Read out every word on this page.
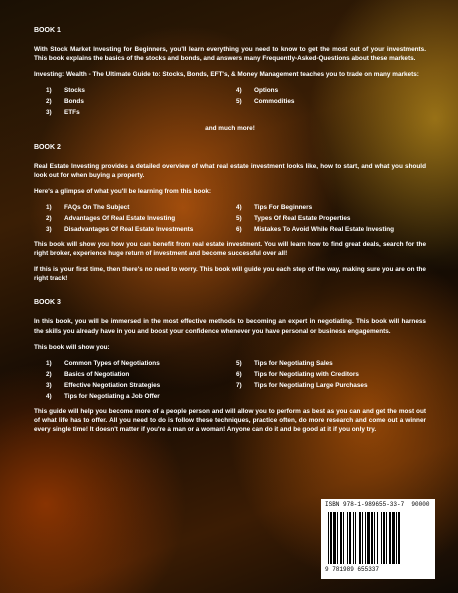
BOOK 1

With Stock Market Investing for Beginners, you'll learn everything you need to know to get the most out of your investments. This book explains the basics of the stocks and bonds, and answers many Frequently-Asked-Questions about these markets.

Investing: Wealth - The Ultimate Guide to: Stocks, Bonds, EFT's, & Money Management teaches you to trade on many markets:

1)	Stocks
2)	Bonds
3)	ETFs
4)	Options
5)	Commodities
and much more!
BOOK 2

Real Estate Investing provides a detailed overview of what real estate investment looks like, how to start, and what you should look out for when buying a property.

Here's a glimpse of what you'll be learning from this book:

1)	FAQs On The Subject
2)	Advantages Of Real Estate Investing
3)	Disadvantages Of Real Estate Investments
4)	Tips For Beginners
5)	Types Of Real Estate Properties
6)	Mistakes To Avoid While Real Estate Investing

This book will show you how you can benefit from real estate investment. You will learn how to find great deals, search for the right broker, experience huge return of investment and become successful over all!

If this is your first time, then there's no need to worry. This book will guide you each step of the way, making sure you are on the right track!

BOOK 3

In this book, you will be immersed in the most effective methods to becoming an expert in negotiating. This book will harness the skills you already have in you and boost your confidence whenever you have personal or business engagements.

This book will show you:

1)	Common Types of Negotiations
2)	Basics of Negotiation
3)	Effective Negotiation Strategies
4)	Tips for Negotiating a Job Offer
5)	Tips for Negotiating Sales
6)	Tips for Negotiating with Creditors
7)	Tips for Negotiating Large Purchases

This guide will help you become more of a people person and will allow you to perform as best as you can and get the most out of what life has to offer. All you need to do is follow these techniques, practice often, do more research and come out a winner every single time! It doesn't matter if you're a man or a woman! Anyone can do it and be good at it if you only try.

ISBN 978-1-989655-33-7 90000
9 781989 655337
